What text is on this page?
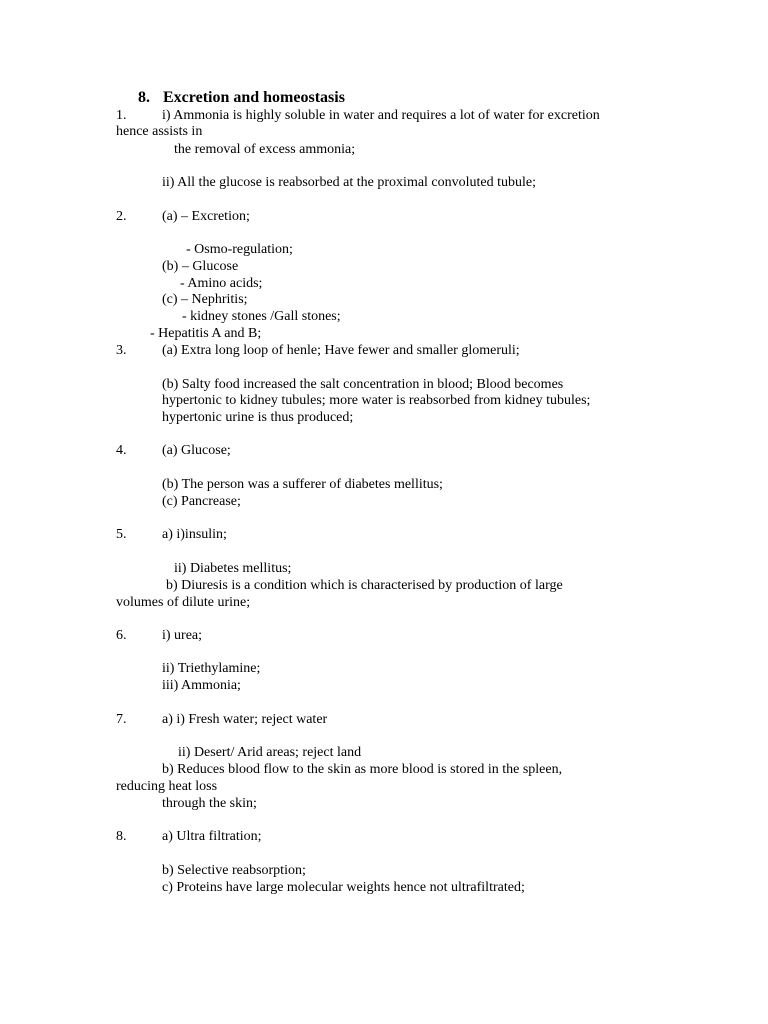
8. Excretion and homeostasis
1.	i) Ammonia is highly soluble in water and requires a lot of water for excretion
hence assists in
the removal of excess ammonia;
ii) All the glucose is reabsorbed at the proximal convoluted tubule;
2.	(a) – Excretion;
- Osmo-regulation;
(b) – Glucose
- Amino acids;
(c) – Nephritis;
- kidney stones /Gall stones;
- Hepatitis A and B;
3.	(a) Extra long loop of henle; Have fewer and smaller glomeruli;
(b) Salty food increased the salt concentration in blood; Blood becomes
hypertonic to kidney tubules; more water is reabsorbed from kidney tubules;
hypertonic urine is thus produced;
4.	(a) Glucose;
(b) The person was a sufferer of diabetes mellitus;
(c) Pancrease;
5.	a) i)insulin;
ii) Diabetes mellitus;
b) Diuresis is a condition which is characterised by production of large
volumes of dilute urine;
6.	i) urea;
ii) Triethylamine;
iii) Ammonia;
7.	a) i) Fresh water; reject water
ii) Desert/ Arid areas; reject land
b) Reduces blood flow to the skin as more blood is stored in the spleen,
reducing heat loss
through the skin;
8.	a) Ultra filtration;
b) Selective reabsorption;
c) Proteins have large molecular weights hence not ultrafiltrated;
